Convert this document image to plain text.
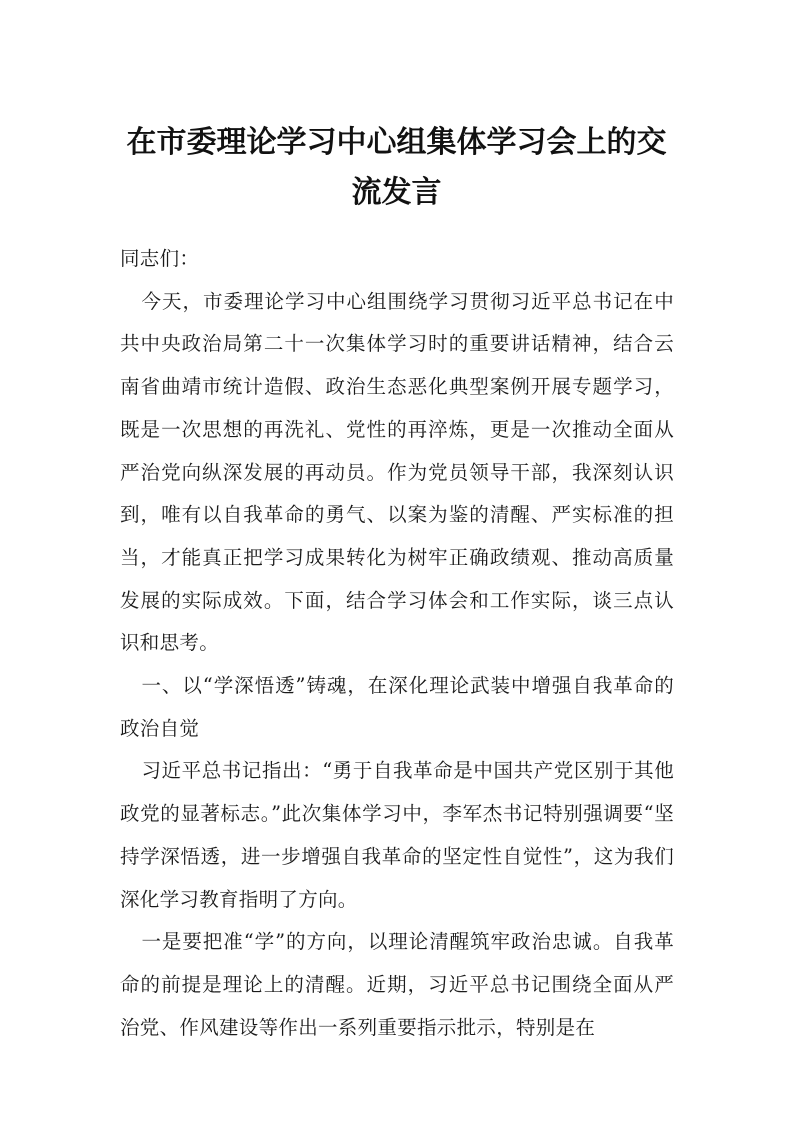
在市委理论学习中心组集体学习会上的交
流发言

同志们：

今天，市委理论学习中心组围绕学习贯彻习近平总书记在中共中央政治局第二十一次集体学习时的重要讲话精神，结合云南省曲靖市统计造假、政治生态恶化典型案例开展专题学习，既是一次思想的再洗礼、党性的再淬炼，更是一次推动全面从严治党向纵深发展的再动员。作为党员领导干部，我深刻认识到，唯有以自我革命的勇气、以案为鉴的清醒、严实标准的担当，才能真正把学习成果转化为树牢正确政绩观、推动高质量发展的实际成效。下面，结合学习体会和工作实际，谈三点认识和思考。

一、以“学深悟透”铸魂，在深化理论武装中增强自我革命的政治自觉

习近平总书记指出：“勇于自我革命是中国共产党区别于其他政党的显著标志。”此次集体学习中，李军杰书记特别强调要“坚持学深悟透，进一步增强自我革命的坚定性自觉性”，这为我们深化学习教育指明了方向。

一是要把准“学”的方向，以理论清醒筑牢政治忠诚。自我革命的前提是理论上的清醒。近期，习近平总书记围绕全面从严治党、作风建设等作出一系列重要指示批示，特别是在
